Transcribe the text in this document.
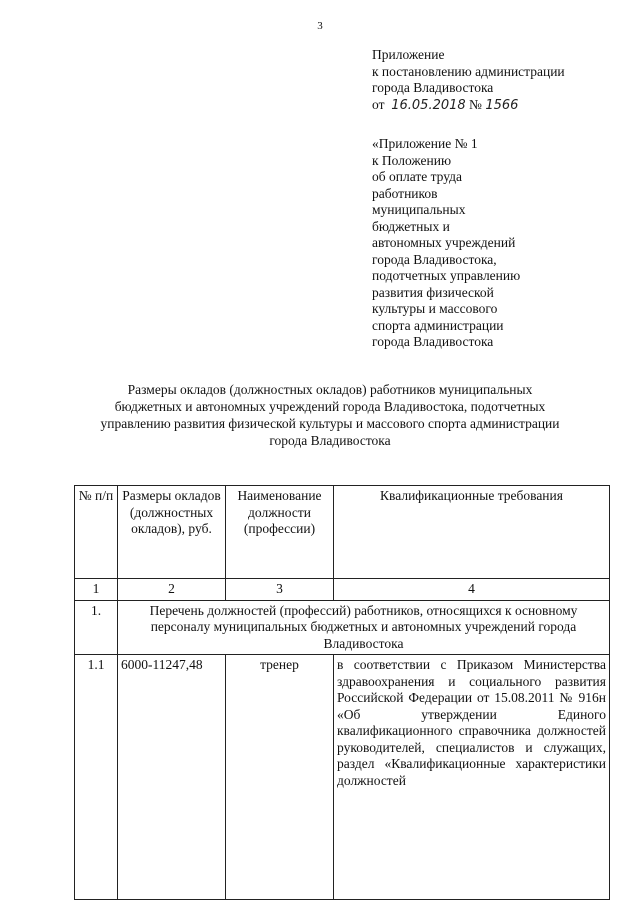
3
Приложение
к постановлению администрации
города Владивостока
от 16.05.2018 № 1566
«Приложение № 1
к Положению
об оплате труда
работников
муниципальных
бюджетных и
автономных учреждений
города Владивостока,
подотчетных управлению
развития физической
культуры и массового
спорта администрации
города Владивостока
Размеры окладов (должностных окладов) работников муниципальных
бюджетных и автономных учреждений города Владивостока, подотчетных
управлению развития физической культуры и массового спорта администрации
города Владивостока
№ п/п	Размеры окладов (должностных окладов), руб.	Наименование должности (профессии)	Квалификационные требования
1	2	3	4
1.	Перечень должностей (профессий) работников, относящихся к основному персоналу муниципальных бюджетных и автономных учреждений города Владивостока		
1.1	6000-11247,48	тренер	в соответствии с Приказом Министерства здравоохранения и социального развития Российской Федерации от 15.08.2011 № 916н «Об утверждении Единого квалификационного справочника должностей руководителей, специалистов и служащих, раздел «Квалификационные характеристики должностей
